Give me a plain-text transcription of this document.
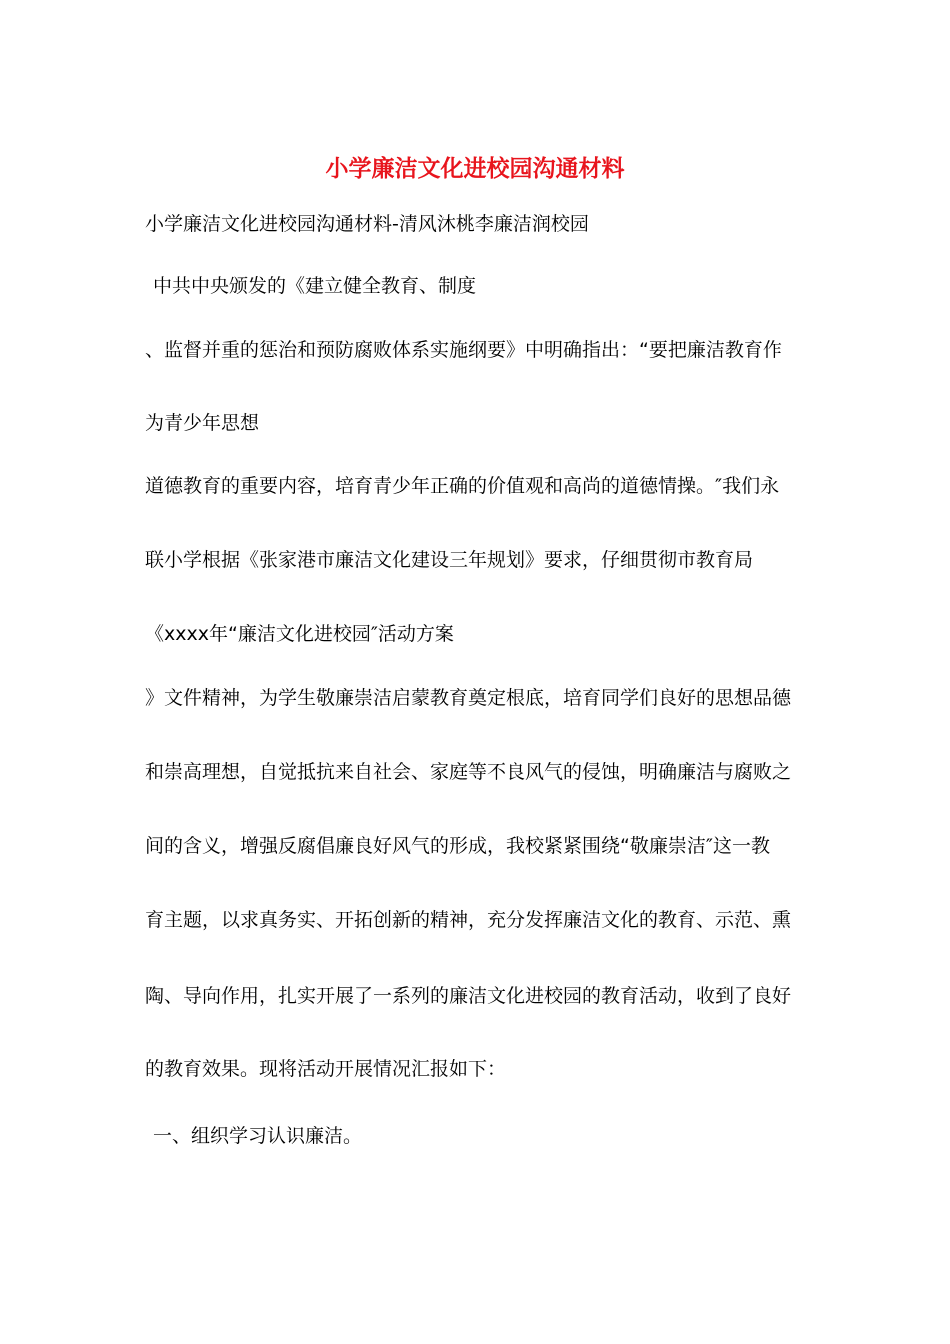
小学廉洁文化进校园沟通材料

小学廉洁文化进校园沟通材料-清风沐桃李廉洁润校园

中共中央颁发的《建立健全教育、制度

、监督并重的惩治和预防腐败体系实施纲要》中明确指出：“要把廉洁教育作

为青少年思想

道德教育的重要内容，培育青少年正确的价值观和高尚的道德情操。″我们永

联小学根据《张家港市廉洁文化建设三年规划》要求，仔细贯彻市教育局

《xxxx年“廉洁文化进校园″活动方案

》文件精神，为学生敬廉崇洁启蒙教育奠定根底，培育同学们良好的思想品德

和崇高理想，自觉抵抗来自社会、家庭等不良风气的侵蚀，明确廉洁与腐败之

间的含义，增强反腐倡廉良好风气的形成，我校紧紧围绕“敬廉崇洁″这一教

育主题，以求真务实、开拓创新的精神，充分发挥廉洁文化的教育、示范、熏

陶、导向作用，扎实开展了一系列的廉洁文化进校园的教育活动，收到了良好

的教育效果。现将活动开展情况汇报如下：

一、组织学习认识廉洁。
